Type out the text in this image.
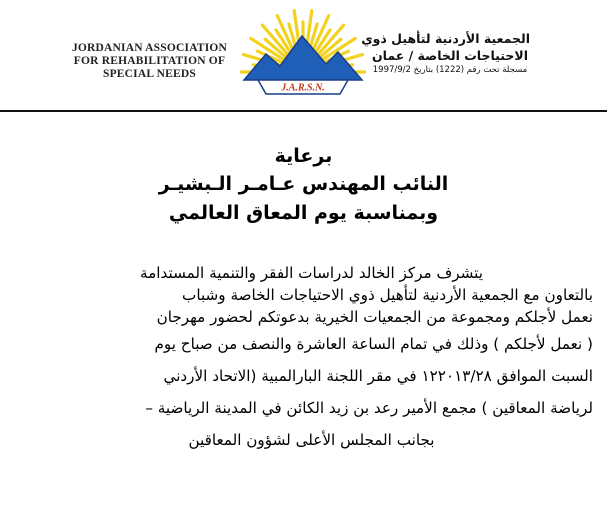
JORDANIAN ASSOCIATION
FOR REHABILITATION OF
SPECIAL NEEDS
J.A.R.S.N.
الجمعية الأردنية لتأهيل ذوي
الاحتياجات الخاصة / عمان
مسجلة تحت رقم (1222) بتاريخ 1997/9/2
برعاية
النائب المهندس عـامـر الـبشيـر
وبمناسبة يوم المعاق العالمي
يتشرف مركز الخالد لدراسات الفقر والتنمية المستدامة
بالتعاون مع الجمعية الأردنية لتأهيل ذوي الاحتياجات الخاصة وشباب
نعمل لأجلكم ومجموعة من الجمعيات الخيرية بدعوتكم لحضور مهرجان
( نعمل لأجلكم ) وذلك في تمام الساعة العاشرة والنصف من صباح يوم
السبت الموافق ١٢٢٠١٣/٢٨ في مقر اللجنة البارالمبية (الاتحاد الأردني
لرياضة المعاقين ) مجمع الأمير رعد بن زيد الكائن في المدينة الرياضية –
بجانب المجلس الأعلى لشؤون المعاقين
